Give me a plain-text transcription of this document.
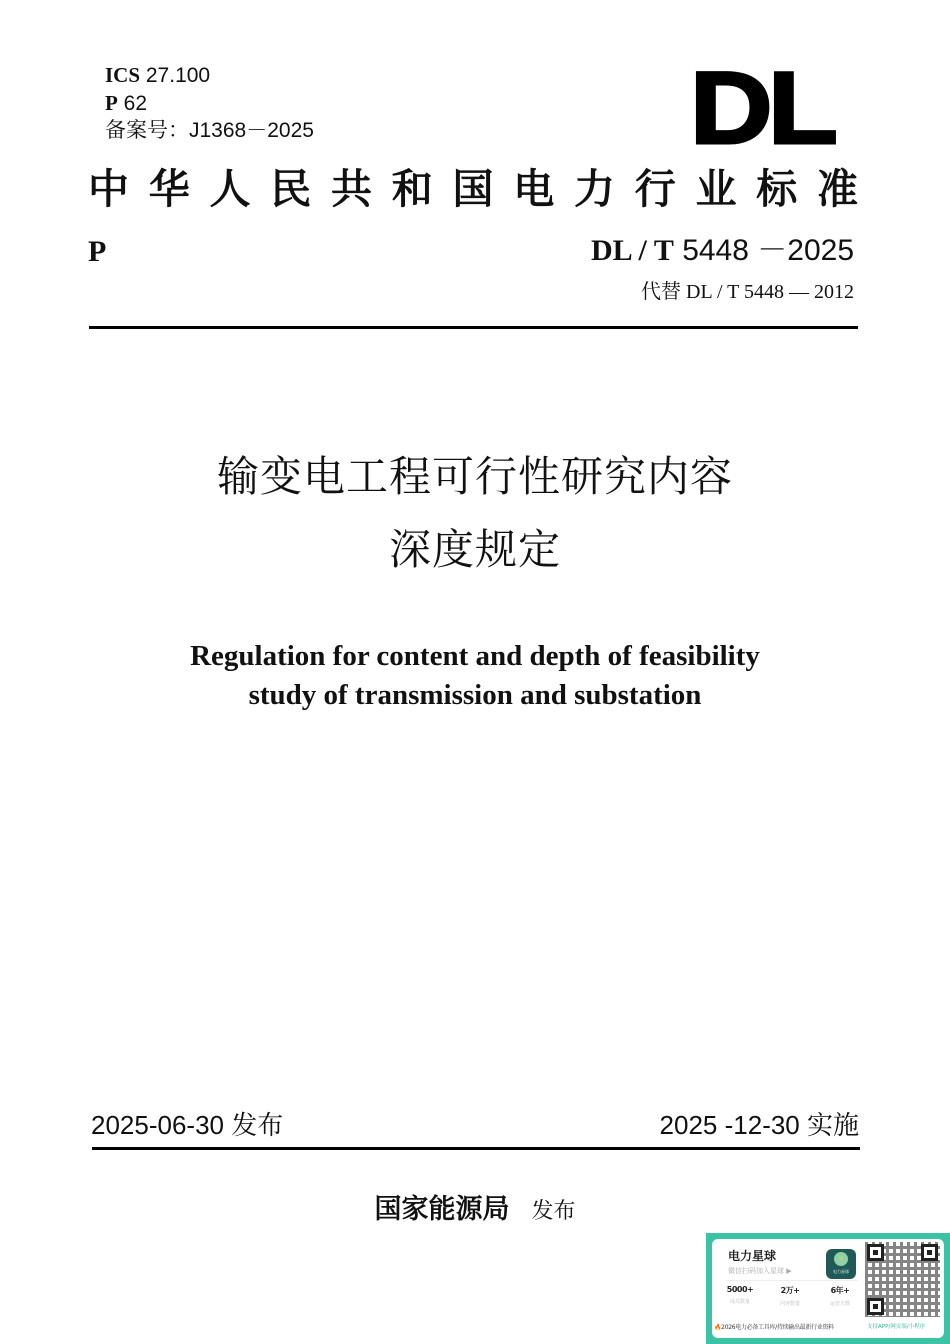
ICS 27.100
P 62
备案号：J1368－2025	DL
中 华 人 民 共 和 国 电 力 行 业 标 准
P	DL / T 5448 －2025
代替 DL / T 5448 — 2012
输变电工程可行性研究内容
深度规定
Regulation for content and depth of feasibility
study of transmission and substation
2025-06-30 发布	2025 -12-30 实施
国家能源局 发布
电力星球
微信扫码加入星球 ▶
⚡
电力星球
5000+
成员数量
2万+
内容数量
6年+
运营天数
🔥2026电力必备工具库/持续输出最新行业资料	支持APP/网页端/小程序
